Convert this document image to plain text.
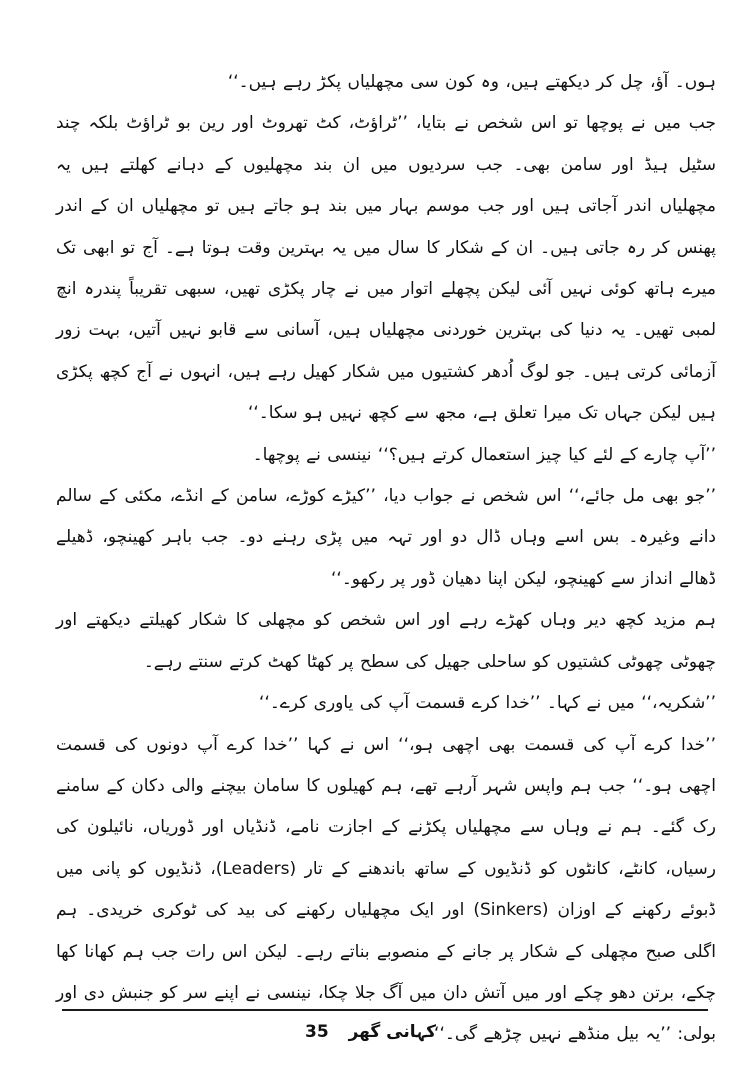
ہوں۔ آؤ، چل کر دیکھتے ہیں، وہ کون سی مچھلیاں پکڑ رہے ہیں۔‘‘

جب میں نے پوچھا تو اس شخص نے بتایا، ’’ٹراؤٹ، کٹ تھروٹ اور رین بو ٹراؤٹ بلکہ چند سٹیل ہیڈ اور سامن بھی۔ جب سردیوں میں ان بند مچھلیوں کے دہانے کھلتے ہیں یہ مچھلیاں اندر آجاتی ہیں اور جب موسم بہار میں بند ہو جاتے ہیں تو مچھلیاں ان کے اندر پھنس کر رہ جاتی ہیں۔ ان کے شکار کا سال میں یہ بہترین وقت ہوتا ہے۔ آج تو ابھی تک میرے ہاتھ کوئی نہیں آئی لیکن پچھلے اتوار میں نے چار پکڑی تھیں، سبھی تقریباً پندرہ انچ لمبی تھیں۔ یہ دنیا کی بہترین خوردنی مچھلیاں ہیں، آسانی سے قابو نہیں آتیں، بہت زور آزمائی کرتی ہیں۔ جو لوگ اُدھر کشتیوں میں شکار کھیل رہے ہیں، انہوں نے آج کچھ پکڑی ہیں لیکن جہاں تک میرا تعلق ہے، مجھ سے کچھ نہیں ہو سکا۔‘‘

’’آپ چارے کے لئے کیا چیز استعمال کرتے ہیں؟‘‘ نینسی نے پوچھا۔

’’جو بھی مل جائے،‘‘ اس شخص نے جواب دیا، ’’کیڑے کوڑے، سامن کے انڈے، مکئی کے سالم دانے وغیرہ۔ بس اسے وہاں ڈال دو اور تہہ میں پڑی رہنے دو۔ جب باہر کھینچو، ڈھیلے ڈھالے انداز سے کھینچو، لیکن اپنا دھیان ڈور پر رکھو۔‘‘

ہم مزید کچھ دیر وہاں کھڑے رہے اور اس شخص کو مچھلی کا شکار کھیلتے دیکھتے اور چھوٹی چھوٹی کشتیوں کو ساحلی جھیل کی سطح پر کھٹا کھٹ کرتے سنتے رہے۔

’’شکریہ،‘‘ میں نے کہا۔ ’’خدا کرے قسمت آپ کی یاوری کرے۔‘‘

’’خدا کرے آپ کی قسمت بھی اچھی ہو،‘‘ اس نے کہا ’’خدا کرے آپ دونوں کی قسمت اچھی ہو۔‘‘ جب ہم واپس شہر آرہے تھے، ہم کھیلوں کا سامان بیچنے والی دکان کے سامنے رک گئے۔ ہم نے وہاں سے مچھلیاں پکڑنے کے اجازت نامے، ڈنڈیاں اور ڈوریاں، نائیلون کی رسیاں، کانٹے، کانٹوں کو ڈنڈیوں کے ساتھ باندھنے کے تار (Leaders)، ڈنڈیوں کو پانی میں ڈبوئے رکھنے کے اوزان (Sinkers) اور ایک مچھلیاں رکھنے کی بید کی ٹوکری خریدی۔ ہم اگلی صبح مچھلی کے شکار پر جانے کے منصوبے بناتے رہے۔ لیکن اس رات جب ہم کھانا کھا چکے، برتن دھو چکے اور میں آتش دان میں آگ جلا چکا، نینسی نے اپنے سر کو جنبش دی اور بولی: ’’یہ بیل منڈھے نہیں چڑھے گی۔‘‘

35 کہانی گھر
